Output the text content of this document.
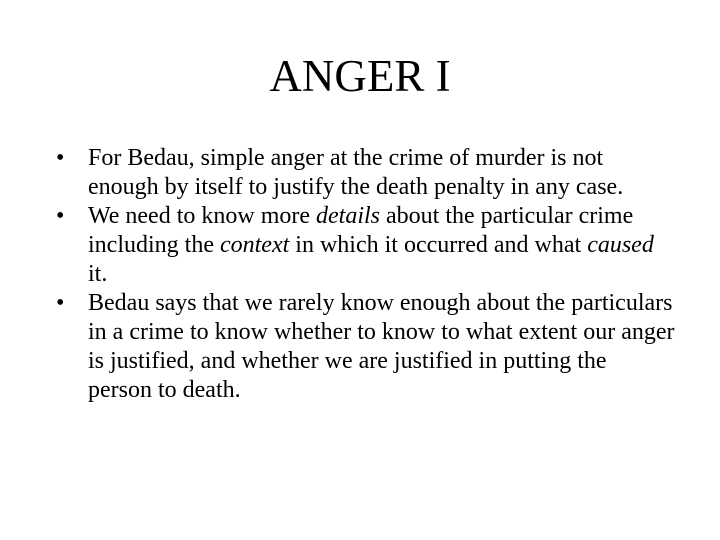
ANGER I
• For Bedau, simple anger at the crime of murder is not enough by itself to justify the death penalty in any case.
• We need to know more details about the particular crime including the context in which it occurred and what caused it.
• Bedau says that we rarely know enough about the particulars in a crime to know whether to know to what extent our anger is justified, and whether we are justified in putting the person to death.
